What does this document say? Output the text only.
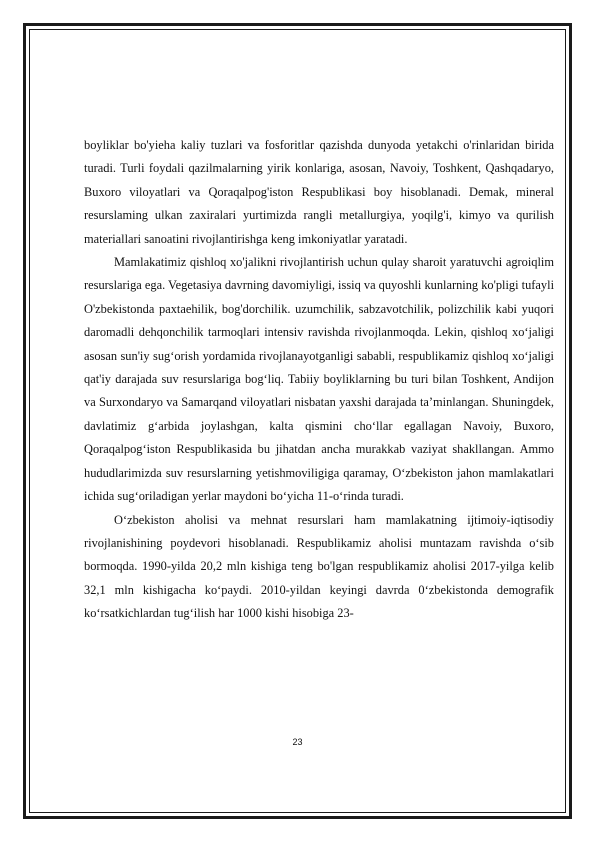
boyliklar bo'yieha kaliy tuzlari va fosforitlar qazishda dunyoda yetakchi o'rinlaridan birida turadi. Turli foydali qazilmalarning yirik konlariga, asosan, Navoiy, Toshkent, Qashqadaryo, Buxoro viloyatlari va Qoraqalpog'iston Respublikasi boy hisoblanadi. Demak, mineral resurslaming ulkan zaxiralari yurtimizda rangli metallurgiya, yoqilg'i, kimyo va qurilish materiallari sanoatini rivojlantirishga keng imkoniyatlar yaratadi.

Mamlakatimiz qishloq xo'jalikni rivojlantirish uchun qulay sharoit yaratuvchi agroiqlim resurslariga ega. Vegetasiya davrning davomiyligi, issiq va quyoshli kunlarning ko'pligi tufayli O'zbekistonda paxtaehilik, bog'dorchilik. uzumchilik, sabzavotchilik, polizchilik kabi yuqori daromadli dehqonchilik tarmoqlari intensiv ravishda rivojlanmoqda. Lekin, qishloq xo‘jaligi asosan sun'iy sug‘orish yordamida rivojlanayotganligi sababli, respublikamiz qishloq xo‘jaligi qat'iy darajada suv resurslariga bog‘liq. Tabiiy boyliklarning bu turi bilan Toshkent, Andijon va Surxondaryo va Samarqand viloyatlari nisbatan yaxshi darajada ta’minlangan. Shuningdek, davlatimiz g‘arbida joylashgan, kalta qismini cho‘llar egallagan Navoiy, Buxoro, Qoraqalpog‘iston Respublikasida bu jihatdan ancha murakkab vaziyat shakllangan. Ammo hududlarimizda suv resurslarning yetishmoviligiga qaramay, O‘zbekiston jahon mamlakatlari ichida sug‘oriladigan yerlar maydoni bo‘yicha 11-o‘rinda turadi.

O‘zbekiston aholisi va mehnat resurslari ham mamlakatning ijtimoiy-iqtisodiy rivojlanishining poydevori hisoblanadi. Respublikamiz aholisi muntazam ravishda o‘sib bormoqda. 1990-yilda 20,2 mln kishiga teng bo'lgan respublikamiz aholisi 2017-yilga kelib 32,1 mln kishigacha ko‘paydi. 2010-yildan keyingi davrda 0‘zbekistonda demografik ko‘rsatkichlardan tug‘ilish har 1000 kishi hisobiga 23-

23
